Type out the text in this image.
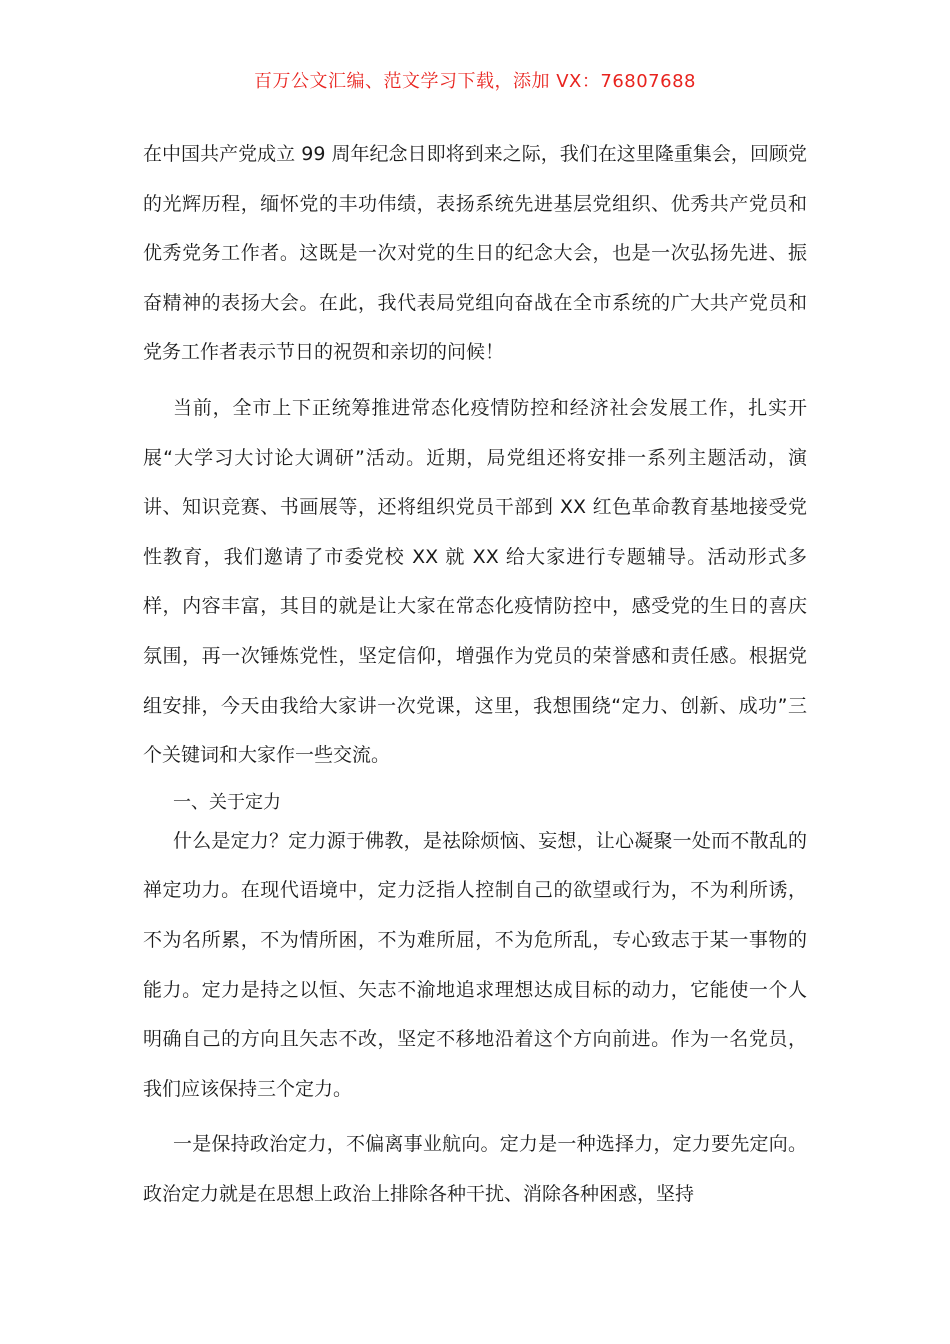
百万公文汇编、范文学习下载，添加 VX：76807688

在中国共产党成立 99 周年纪念日即将到来之际，我们在这里隆重集会，回顾党的光辉历程，缅怀党的丰功伟绩，表扬系统先进基层党组织、优秀共产党员和优秀党务工作者。这既是一次对党的生日的纪念大会，也是一次弘扬先进、振奋精神的表扬大会。在此，我代表局党组向奋战在全市系统的广大共产党员和党务工作者表示节日的祝贺和亲切的问候！

当前，全市上下正统筹推进常态化疫情防控和经济社会发展工作，扎实开展“大学习大讨论大调研”活动。近期，局党组还将安排一系列主题活动，演讲、知识竞赛、书画展等，还将组织党员干部到 XX 红色革命教育基地接受党性教育，我们邀请了市委党校 XX 就 XX 给大家进行专题辅导。活动形式多样，内容丰富，其目的就是让大家在常态化疫情防控中，感受党的生日的喜庆氛围，再一次锤炼党性，坚定信仰，增强作为党员的荣誉感和责任感。根据党组安排，今天由我给大家讲一次党课，这里，我想围绕“定力、创新、成功”三个关键词和大家作一些交流。

一、关于定力

什么是定力？定力源于佛教，是祛除烦恼、妄想，让心凝聚一处而不散乱的禅定功力。在现代语境中，定力泛指人控制自己的欲望或行为，不为利所诱，不为名所累，不为情所困，不为难所屈，不为危所乱，专心致志于某一事物的能力。定力是持之以恒、矢志不渝地追求理想达成目标的动力，它能使一个人明确自己的方向且矢志不改，坚定不移地沿着这个方向前进。作为一名党员，我们应该保持三个定力。

一是保持政治定力，不偏离事业航向。定力是一种选择力，定力要先定向。政治定力就是在思想上政治上排除各种干扰、消除各种困惑，坚持
